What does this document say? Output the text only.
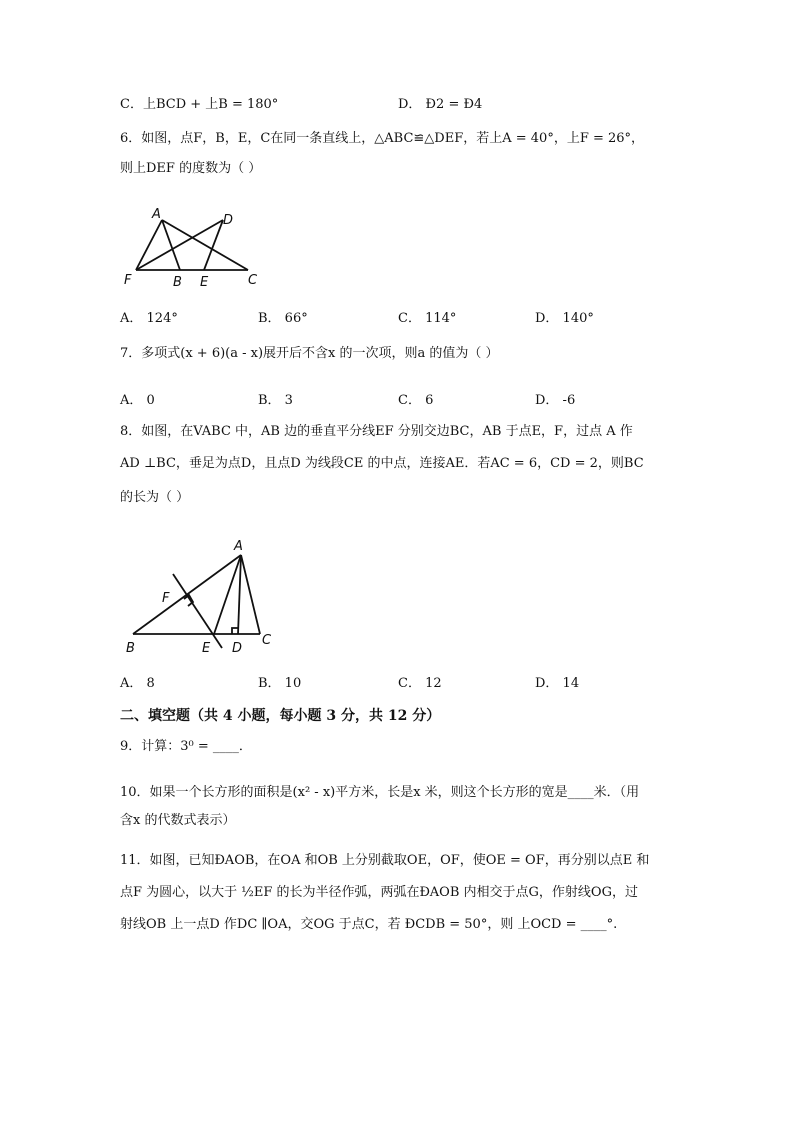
C．上BCD + 上B = 180°	D． Ð2 = Ð4
6．如图，点F，B，E，C在同一条直线上，△ABC≌△DEF，若上A = 40°，上F = 26°，
则上DEF 的度数为（ ）
A	D
F	B E	C
A． 124°	B． 66°	C． 114°	D． 140°
7．多项式(x + 6)(a - x)展开后不含x 的一次项，则a 的值为（ ）
A． 0	B． 3	C． 6	D． -6
8．如图，在VABC 中，AB 边的垂直平分线EF 分别交边BC，AB 于点E，F，过点 A 作
AD ⊥BC，垂足为点D，且点D 为线段CE 的中点，连接AE．若AC = 6，CD = 2，则BC
的长为（ ）
A
F
B	E D
C
A． 8	B． 10	C． 12	D． 14
二、填空题（共 4 小题，每小题 3 分，共 12 分）
9．计算：3⁰ = ____．
10．如果一个长方形的面积是(x² - x)平方米，长是x 米，则这个长方形的宽是____米．（用
含x 的代数式表示）
11．如图，已知ÐAOB，在OA 和OB 上分别截取OE，OF，使OE = OF，再分别以点E 和
点F 为圆心，以大于 ½EF 的长为半径作弧，两弧在ÐAOB 内相交于点G，作射线OG，过
射线OB 上一点D 作DC ∥OA，交OG 于点C，若 ÐCDB = 50°，则 上OCD = ____°.
